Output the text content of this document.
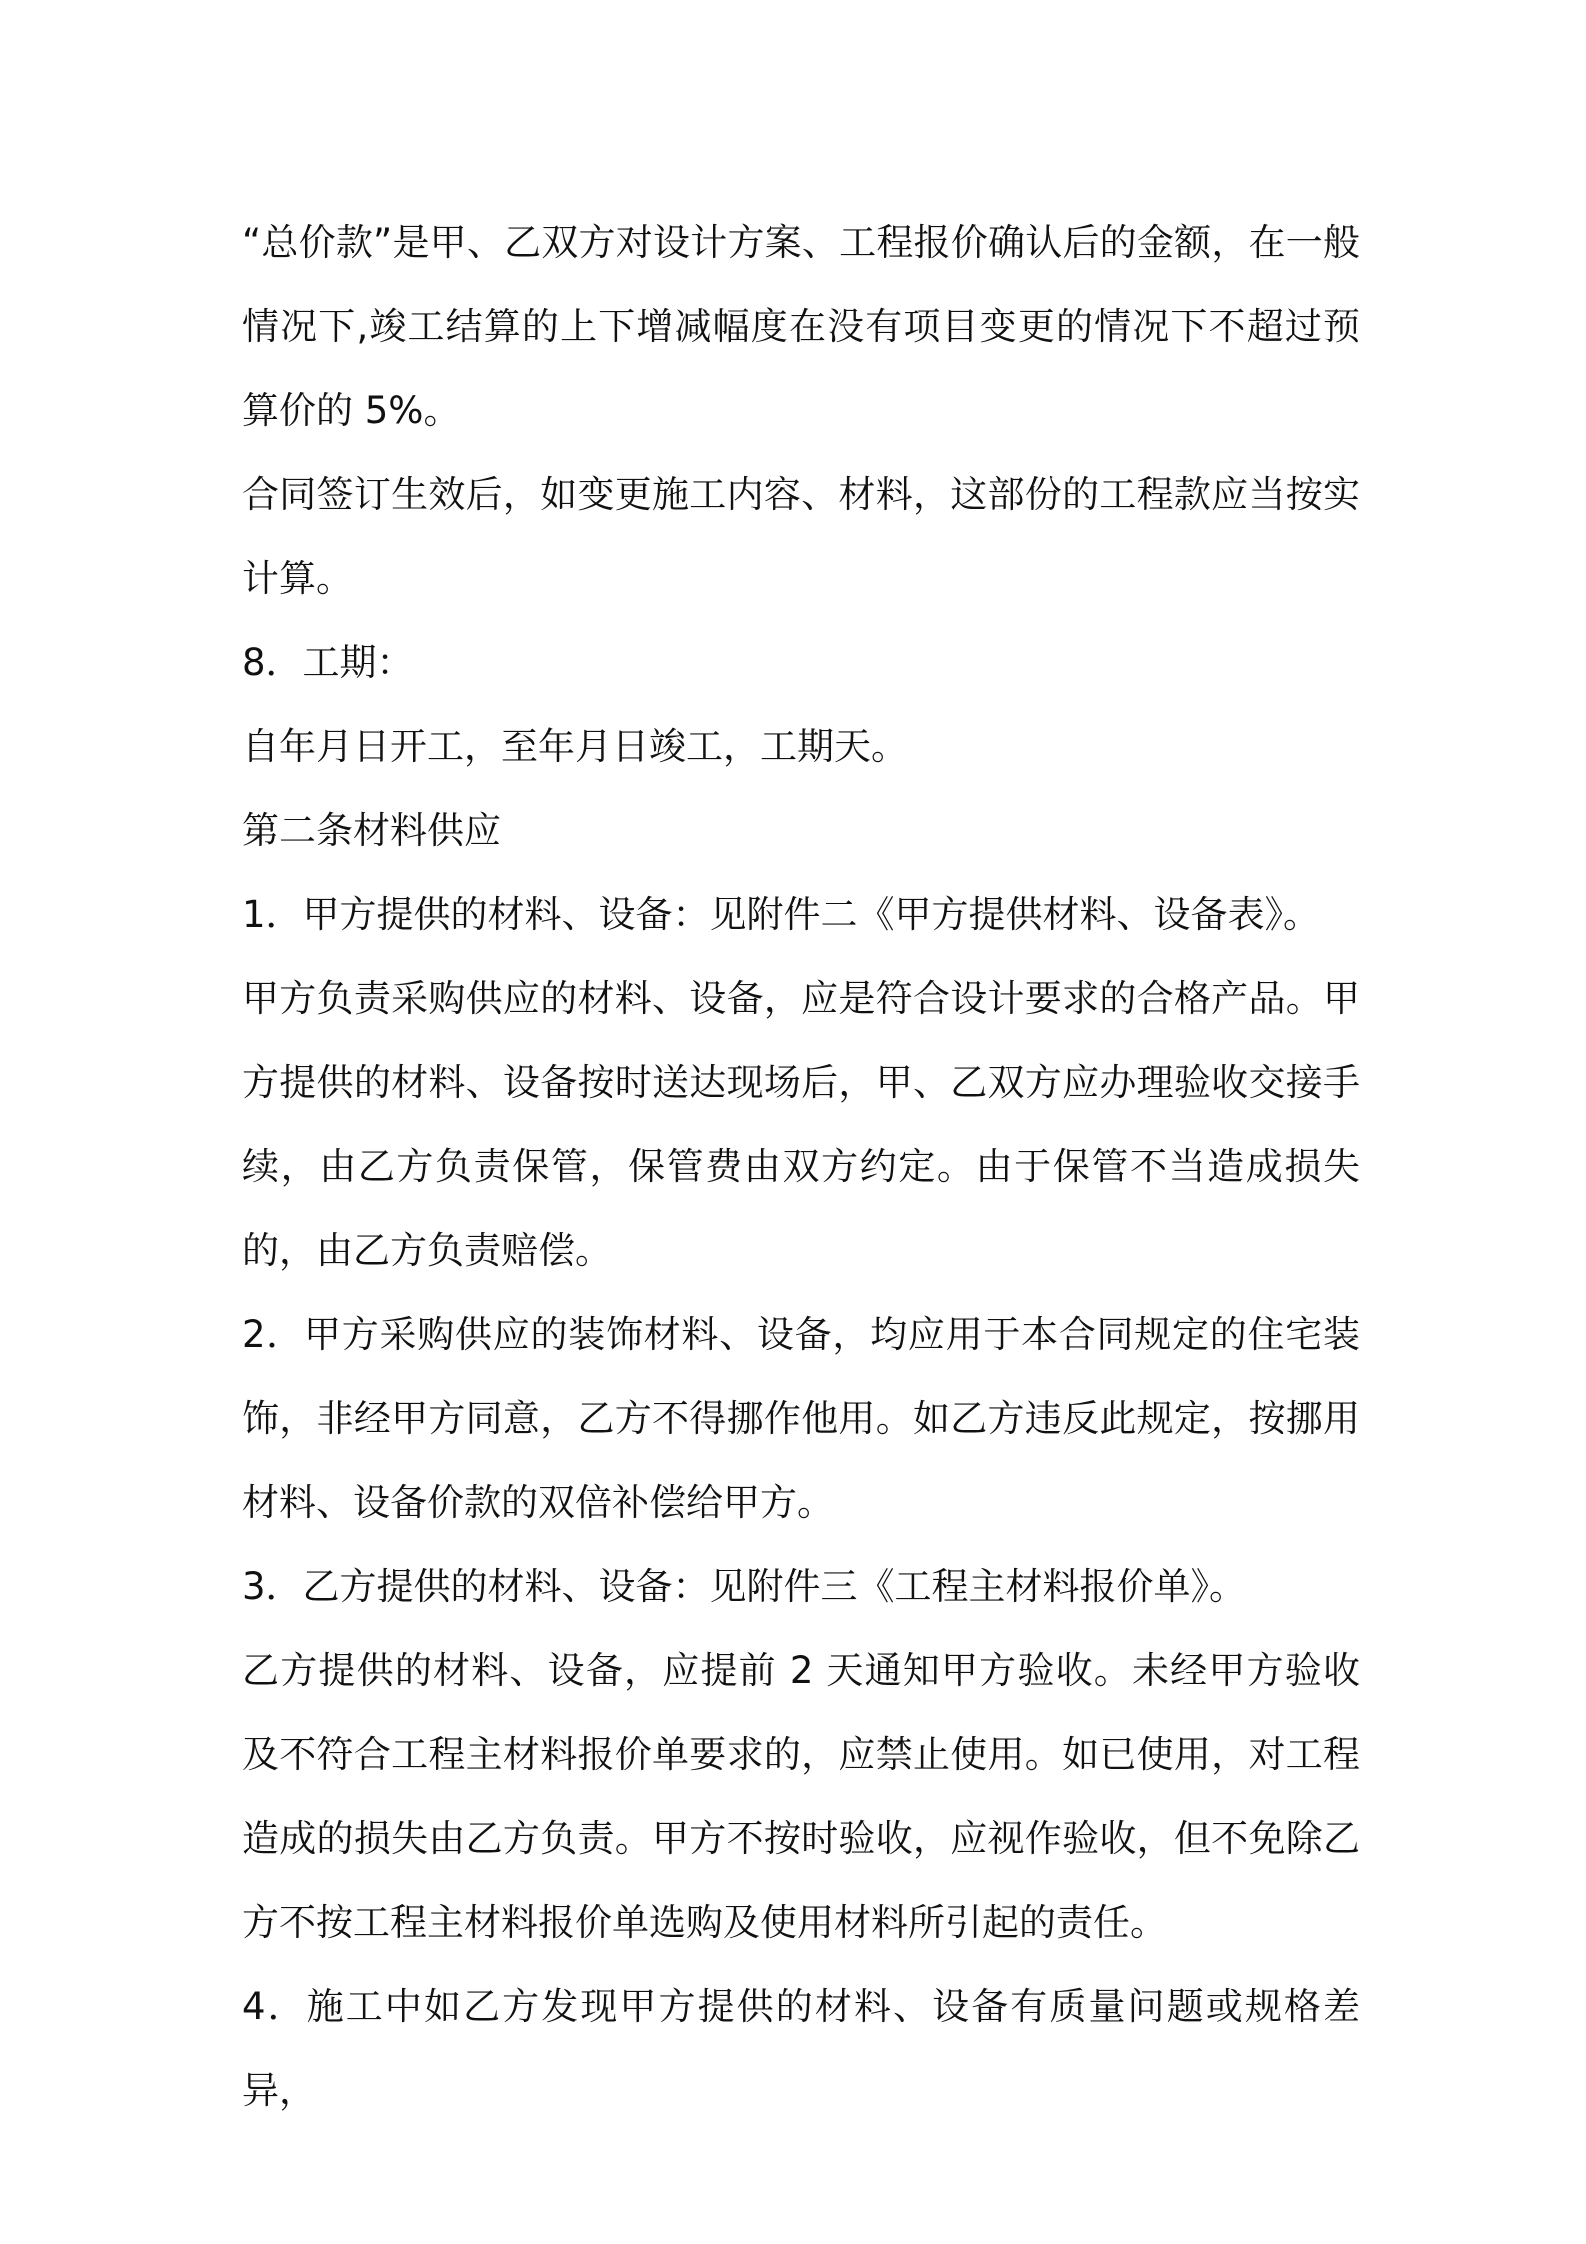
“总价款”是甲、乙双方对设计方案、工程报价确认后的金额，在一般情况下,竣工结算的上下增减幅度在没有项目变更的情况下不超过预算价的 5%。

合同签订生效后，如变更施工内容、材料，这部份的工程款应当按实计算。

8．工期：

自年月日开工，至年月日竣工，工期天。

第二条材料供应

1．甲方提供的材料、设备：见附件二《甲方提供材料、设备表》。

甲方负责采购供应的材料、设备，应是符合设计要求的合格产品。甲方提供的材料、设备按时送达现场后，甲、乙双方应办理验收交接手续，由乙方负责保管，保管费由双方约定。由于保管不当造成损失的，由乙方负责赔偿。

2．甲方采购供应的装饰材料、设备，均应用于本合同规定的住宅装饰，非经甲方同意，乙方不得挪作他用。如乙方违反此规定，按挪用材料、设备价款的双倍补偿给甲方。

3．乙方提供的材料、设备：见附件三《工程主材料报价单》。

乙方提供的材料、设备，应提前 2 天通知甲方验收。未经甲方验收及不符合工程主材料报价单要求的，应禁止使用。如已使用，对工程造成的损失由乙方负责。甲方不按时验收，应视作验收，但不免除乙方不按工程主材料报价单选购及使用材料所引起的责任。

4．施工中如乙方发现甲方提供的材料、设备有质量问题或规格差异，
